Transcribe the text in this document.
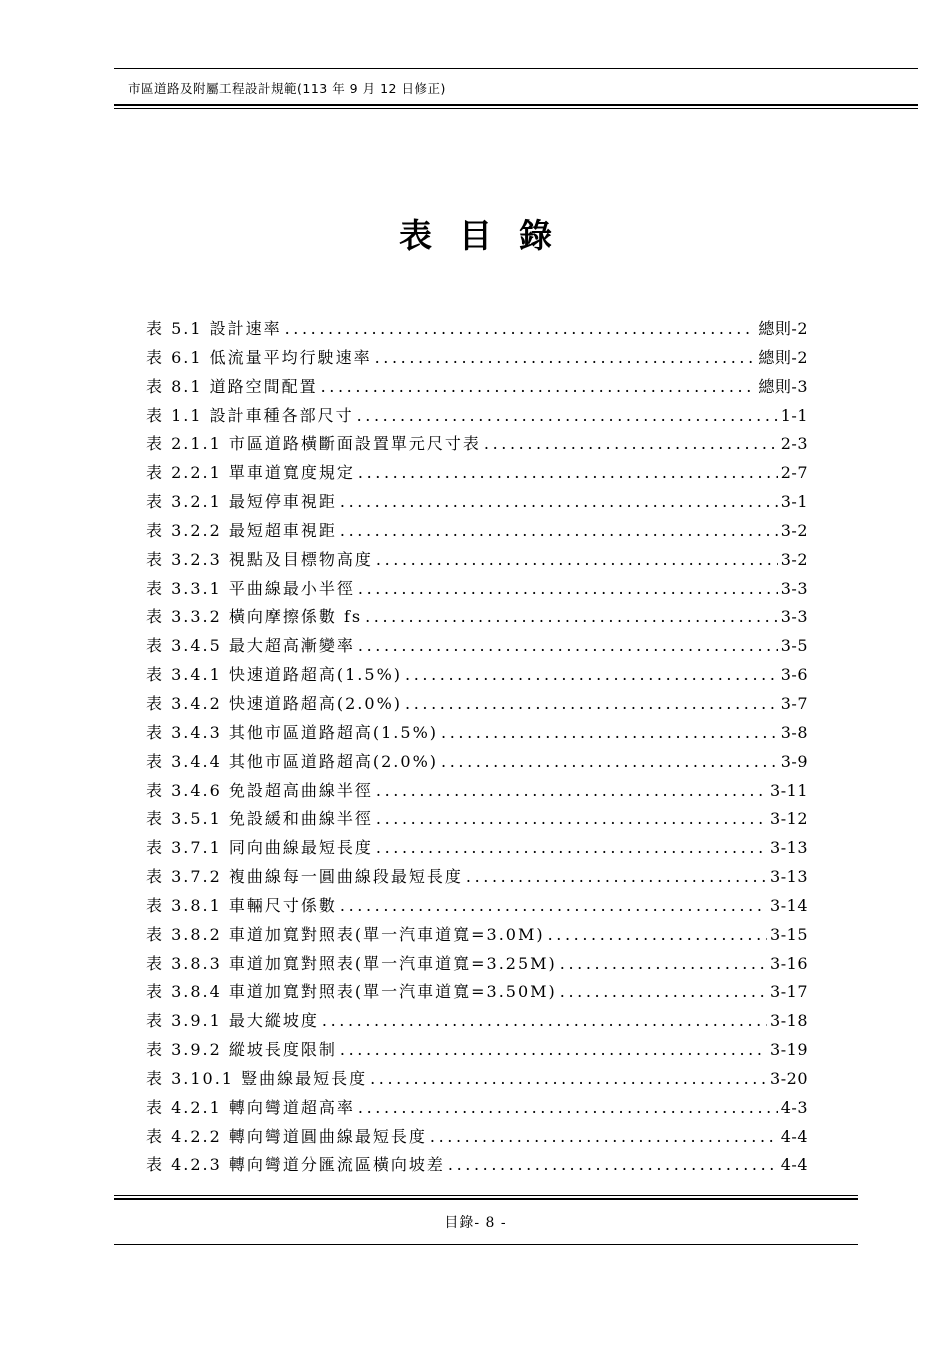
市區道路及附屬工程設計規範(113 年 9 月 12 日修正)
表目錄
表 5.1 設計速率 .....	總則-2
表 6.1 低流量平均行駛速率 .....	總則-2
表 8.1 道路空間配置 .....	總則-3
表 1.1 設計車種各部尺寸 .....	1-1
表 2.1.1 市區道路橫斷面設置單元尺寸表 .....	2-3
表 2.2.1 單車道寬度規定 .....	2-7
表 3.2.1 最短停車視距 .....	3-1
表 3.2.2 最短超車視距 .....	3-2
表 3.2.3 視點及目標物高度 .....	3-2
表 3.3.1 平曲線最小半徑 .....	3-3
表 3.3.2 橫向摩擦係數 fs .....	3-3
表 3.4.5 最大超高漸變率 .....	3-5
表 3.4.1 快速道路超高(1.5%) .....	3-6
表 3.4.2 快速道路超高(2.0%) .....	3-7
表 3.4.3 其他市區道路超高(1.5%) .....	3-8
表 3.4.4 其他市區道路超高(2.0%) .....	3-9
表 3.4.6 免設超高曲線半徑 .....	3-11
表 3.5.1 免設緩和曲線半徑 .....	3-12
表 3.7.1 同向曲線最短長度 .....	3-13
表 3.7.2 複曲線每一圓曲線段最短長度 .....	3-13
表 3.8.1 車輛尺寸係數 .....	3-14
表 3.8.2 車道加寬對照表(單一汽車道寬=3.0M) .....	3-15
表 3.8.3 車道加寬對照表(單一汽車道寬=3.25M) .....	3-16
表 3.8.4 車道加寬對照表(單一汽車道寬=3.50M) .....	3-17
表 3.9.1 最大縱坡度 .....	3-18
表 3.9.2 縱坡長度限制 .....	3-19
表 3.10.1 豎曲線最短長度 .....	3-20
表 4.2.1 轉向彎道超高率 .....	4-3
表 4.2.2 轉向彎道圓曲線最短長度 .....	4-4
表 4.2.3 轉向彎道分匯流區橫向坡差 .....	4-4
目錄- 8 -
